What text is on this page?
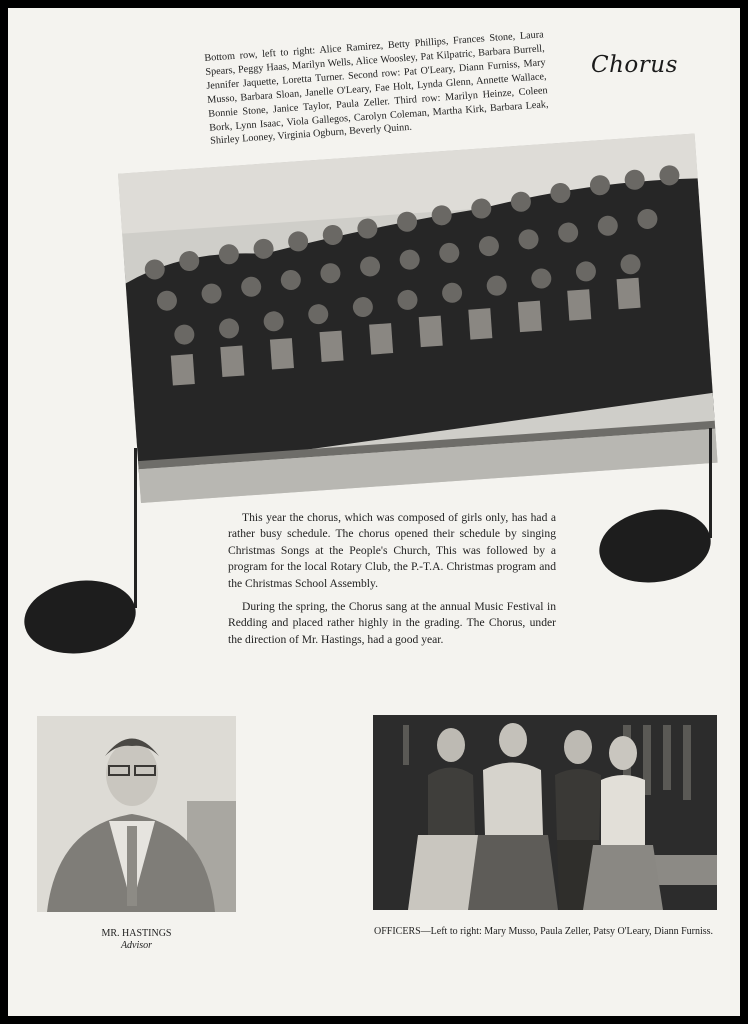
Bottom row, left to right: Alice Ramirez, Betty Phillips, Frances Stone, Laura Spears, Peggy Haas, Marilyn Wells, Alice Woosley, Pat Kilpatric, Barbara Burrell, Jennifer Jaquette, Loretta Turner. Second row: Pat O'Leary, Diann Furniss, Mary Musso, Barbara Sloan, Janelle O'Leary, Fae Holt, Lynda Glenn, Annette Wallace, Bonnie Stone, Janice Taylor, Paula Zeller. Third row: Marilyn Heinze, Coleen Bork, Lynn Isaac, Viola Gallegos, Carolyn Coleman, Martha Kirk, Barbara Leak, Shirley Looney, Virginia Ogburn, Beverly Quinn.
Chorus

This year the chorus, which was composed of girls only, has had a rather busy schedule. The chorus opened their schedule by singing Christmas Songs at the People's Church, This was followed by a program for the local Rotary Club, the P.-T.A. Christmas program and the Christmas School Assembly.

During the spring, the Chorus sang at the annual Music Festival in Redding and placed rather highly in the grading. The Chorus, under the direction of Mr. Hastings, had a good year.

MR. HASTINGS
Advisor
OFFICERS—Left to right: Mary Musso, Paula Zeller, Patsy O'Leary, Diann Furniss.
